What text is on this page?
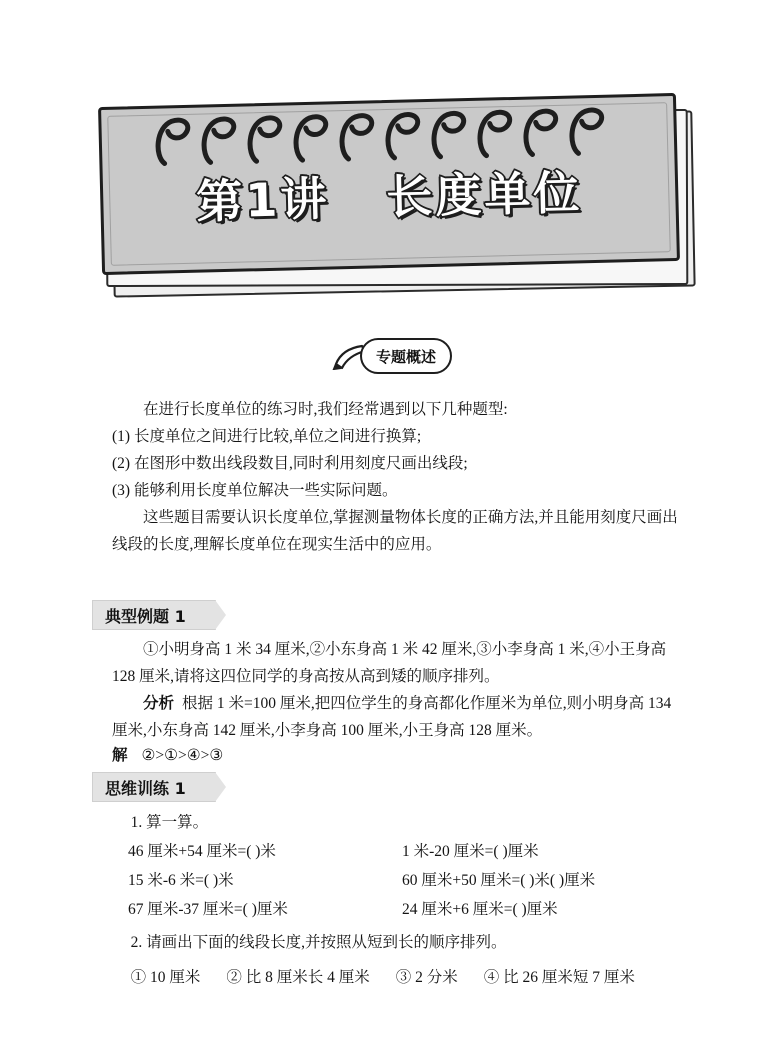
第1讲   长度单位
专题概述

在进行长度单位的练习时,我们经常遇到以下几种题型:

(1) 长度单位之间进行比较,单位之间进行换算;

(2) 在图形中数出线段数目,同时利用刻度尺画出线段;

(3) 能够利用长度单位解决一些实际问题。

这些题目需要认识长度单位,掌握测量物体长度的正确方法,并且能用刻度尺画出线段的长度,理解长度单位在现实生活中的应用。

典型例题 1

①小明身高 1 米 34 厘米,②小东身高 1 米 42 厘米,③小李身高 1 米,④小王身高 128 厘米,请将这四位同学的身高按从高到矮的顺序排列。

分析 根据 1 米=100 厘米,把四位学生的身高都化作厘米为单位,则小明身高 134 厘米,小东身高 142 厘米,小李身高 100 厘米,小王身高 128 厘米。

解 ②>①>④>③
思维训练 1

1. 算一算。

46 厘米+54 厘米=( )米	1 米-20 厘米=( )厘米
15 米-6 米=( )米	60 厘米+50 厘米=( )米( )厘米
67 厘米-37 厘米=( )厘米	24 厘米+6 厘米=( )厘米

2. 请画出下面的线段长度,并按照从短到长的顺序排列。

① 10 厘米 ② 比 8 厘米长 4 厘米 ③ 2 分米 ④ 比 26 厘米短 7 厘米
